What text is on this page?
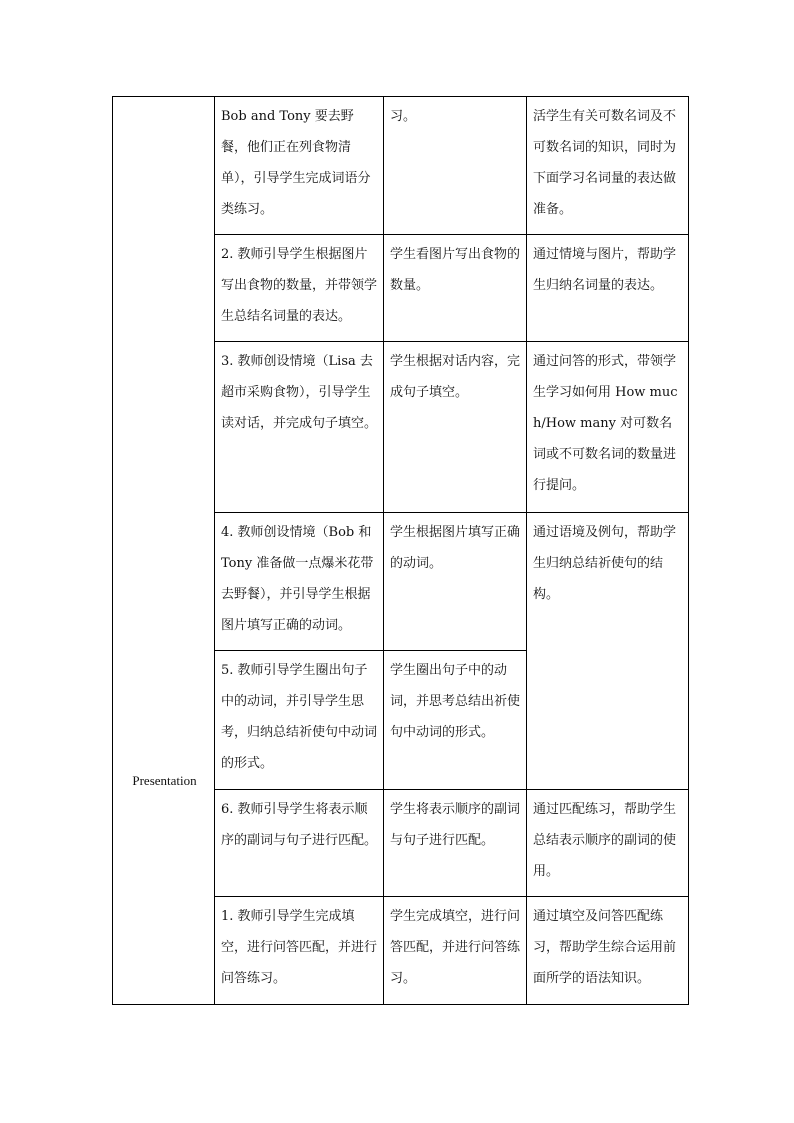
Presentation	Bob and Tony 要去野餐，他们正在列食物清单），引导学生完成词语分类练习。	习。	活学生有关可数名词及不可数名词的知识，同时为下面学习名词量的表达做准备。

	2. 教师引导学生根据图片写出食物的数量，并带领学生总结名词量的表达。	学生看图片写出食物的数量。	通过情境与图片，帮助学生归纳名词量的表达。

	3. 教师创设情境（Lisa 去超市采购食物），引导学生读对话，并完成句子填空。	学生根据对话内容，完成句子填空。	通过问答的形式，带领学生学习如何用 How much/How many 对可数名词或不可数名词的数量进行提问。

	4. 教师创设情境（Bob 和 Tony 准备做一点爆米花带去野餐），并引导学生根据图片填写正确的动词。	学生根据图片填写正确的动词。	通过语境及例句，帮助学生归纳总结祈使句的结构。

	5. 教师引导学生圈出句子中的动词，并引导学生思考，归纳总结祈使句中动词的形式。	学生圈出句子中的动词，并思考总结出祈使句中动词的形式。	

	6. 教师引导学生将表示顺序的副词与句子进行匹配。	学生将表示顺序的副词与句子进行匹配。	通过匹配练习，帮助学生总结表示顺序的副词的使用。

	1. 教师引导学生完成填空，进行问答匹配，并进行问答练习。	学生完成填空，进行问答匹配，并进行问答练习。	通过填空及问答匹配练习，帮助学生综合运用前面所学的语法知识。
